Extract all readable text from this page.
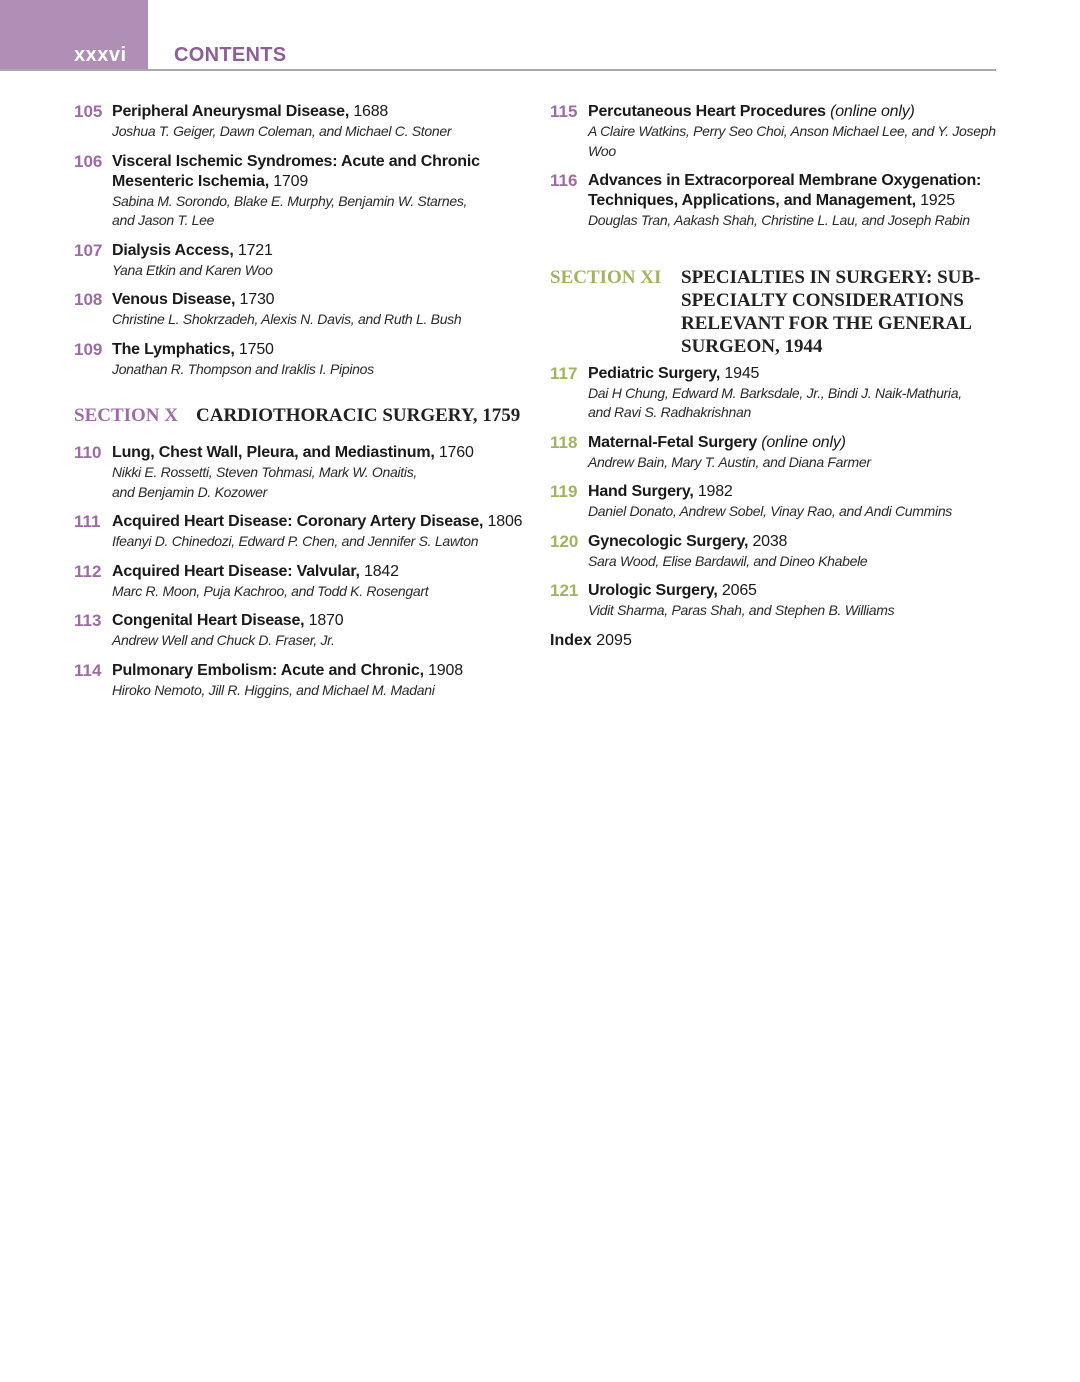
xxxvi CONTENTS
105 Peripheral Aneurysmal Disease, 1688
Joshua T. Geiger, Dawn Coleman, and Michael C. Stoner
106 Visceral Ischemic Syndromes: Acute and Chronic Mesenteric Ischemia, 1709
Sabina M. Sorondo, Blake E. Murphy, Benjamin W. Starnes,
and Jason T. Lee
107 Dialysis Access, 1721
Yana Etkin and Karen Woo
108 Venous Disease, 1730
Christine L. Shokrzadeh, Alexis N. Davis, and Ruth L. Bush
109 The Lymphatics, 1750
Jonathan R. Thompson and Iraklis I. Pipinos
SECTION X CARDIOTHORACIC SURGERY, 1759
110 Lung, Chest Wall, Pleura, and Mediastinum, 1760
Nikki E. Rossetti, Steven Tohmasi, Mark W. Onaitis,
and Benjamin D. Kozower
111 Acquired Heart Disease: Coronary Artery Disease, 1806
Ifeanyi D. Chinedozi, Edward P. Chen, and Jennifer S. Lawton
112 Acquired Heart Disease: Valvular, 1842
Marc R. Moon, Puja Kachroo, and Todd K. Rosengart
113 Congenital Heart Disease, 1870
Andrew Well and Chuck D. Fraser, Jr.
114 Pulmonary Embolism: Acute and Chronic, 1908
Hiroko Nemoto, Jill R. Higgins, and Michael M. Madani
115 Percutaneous Heart Procedures (online only)
A Claire Watkins, Perry Seo Choi, Anson Michael Lee, and Y. Joseph Woo
116 Advances in Extracorporeal Membrane Oxygenation: Techniques, Applications, and Management, 1925
Douglas Tran, Aakash Shah, Christine L. Lau, and Joseph Rabin
SECTION XI SPECIALTIES IN SURGERY: SUB-
SPECIALTY CONSIDERATIONS
RELEVANT FOR THE GENERAL
SURGEON, 1944
117 Pediatric Surgery, 1945
Dai H Chung, Edward M. Barksdale, Jr., Bindi J. Naik-Mathuria,
and Ravi S. Radhakrishnan
118 Maternal-Fetal Surgery (online only)
Andrew Bain, Mary T. Austin, and Diana Farmer
119 Hand Surgery, 1982
Daniel Donato, Andrew Sobel, Vinay Rao, and Andi Cummins
120 Gynecologic Surgery, 2038
Sara Wood, Elise Bardawil, and Dineo Khabele
121 Urologic Surgery, 2065
Vidit Sharma, Paras Shah, and Stephen B. Williams
Index 2095
